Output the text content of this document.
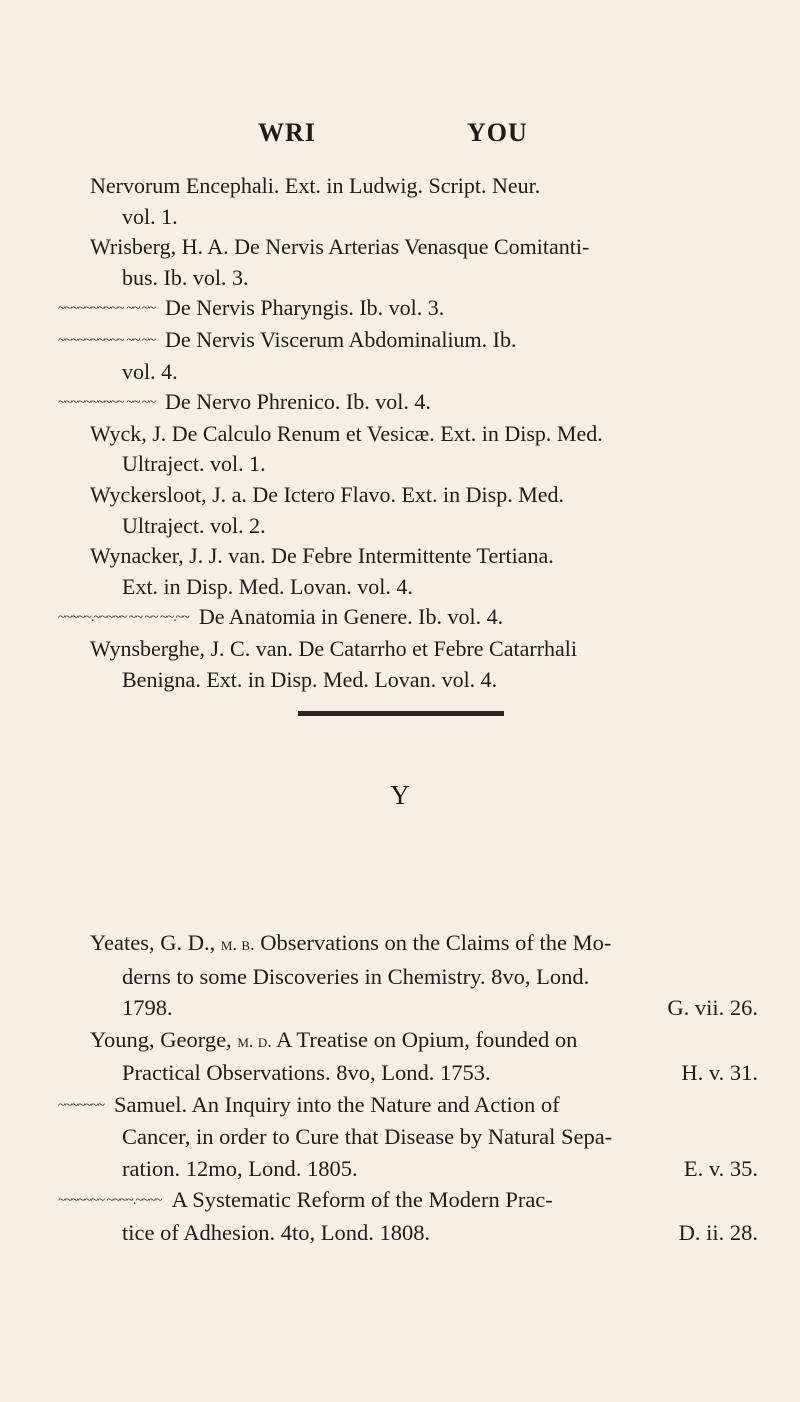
WRI	YOU

Nervorum Encephali. Ext. in Ludwig. Script. Neur.
vol. 1.

Wrisberg, H. A. De Nervis Arterias Venasque Comitanti-
bus. Ib. vol. 3.

~~~~~~~~~~ ~~ ~~ De Nervis Pharyngis. Ib. vol. 3.

~~~~~~~~~~ ~~ ~~ De Nervis Viscerum Abdominalium. Ib.
vol. 4.

~~~~~~~~~~ ~~ ~~ De Nervo Phrenico. Ib. vol. 4.

Wyck, J. De Calculo Renum et Vesicæ. Ext. in Disp. Med.
Ultraject. vol. 1.

Wyckersloot, J. a. De Ictero Flavo. Ext. in Disp. Med.
Ultraject. vol. 2.

Wynacker, J. J. van. De Febre Intermittente Tertiana.
Ext. in Disp. Med. Lovan. vol. 4.

~~~~~.~~~~~ ~~ ~~ ~~.~~ De Anatomia in Genere. Ib. vol. 4.

Wynsberghe, J. C. van. De Catarrho et Febre Catarrhali
Benigna. Ext. in Disp. Med. Lovan. vol. 4.

Y

Yeates, G. D., m. b. Observations on the Claims of the Mo-
derns to some Discoveries in Chemistry. 8vo, Lond.
1798.	G. vii. 26.

Young, George, m. d. A Treatise on Opium, founded on
Practical Observations. 8vo, Lond. 1753.	H. v. 31.

~~~~~~~ Samuel. An Inquiry into the Nature and Action of
Cancer, in order to Cure that Disease by Natural Sepa-
ration. 12mo, Lond. 1805.	E. v. 35.

~~~~~~~ ~~~~.~~~~ A Systematic Reform of the Modern Prac-
tice of Adhesion. 4to, Lond. 1808.	D. ii. 28.
